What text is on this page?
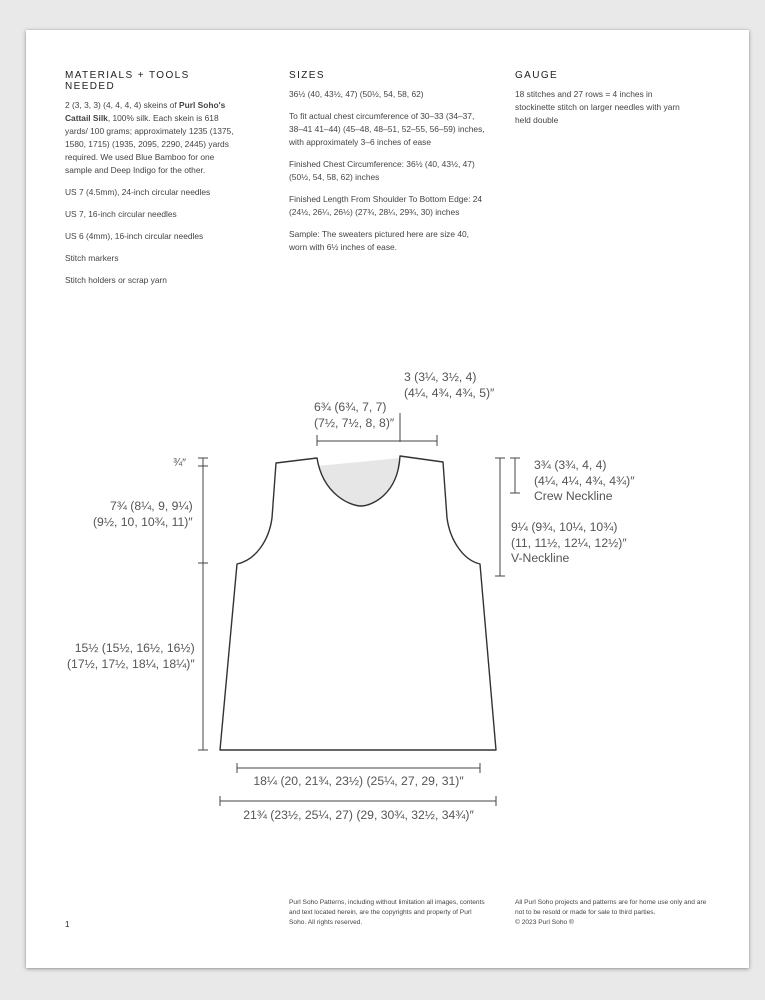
MATERIALS + TOOLS NEEDED

2 (3, 3, 3) (4, 4, 4, 4) skeins of Purl Soho's Cattail Silk, 100% silk. Each skein is 618 yards/ 100 grams; approximately 1235 (1375, 1580, 1715) (1935, 2095, 2290, 2445) yards required. We used Blue Bamboo for one sample and Deep Indigo for the other.

US 7 (4.5mm), 24-inch circular needles

US 7, 16-inch circular needles

US 6 (4mm), 16-inch circular needles

Stitch markers

Stitch holders or scrap yarn

SIZES

36½ (40, 43½, 47) (50½, 54, 58, 62)

To fit actual chest circumference of 30–33 (34–37, 38–41 41–44) (45–48, 48–51, 52–55, 56–59) inches, with approximately 3–6 inches of ease

Finished Chest Circumference: 36½ (40, 43½, 47) (50½, 54, 58, 62) inches

Finished Length From Shoulder To Bottom Edge: 24 (24½, 26¼, 26½) (27¾, 28¼, 29¾, 30) inches

Sample: The sweaters pictured here are size 40, worn with 6½ inches of ease.

GAUGE

18 stitches and 27 rows = 4 inches in stockinette stitch on larger needles with yarn held double

3 (3¼, 3½, 4)
(4¼, 4¾, 4¾, 5)″
6¾ (6¾, 7, 7)
(7½, 7½, 8, 8)″
¾″
7¾ (8¼, 9, 9¼)
(9½, 10, 10¾, 11)″
15½ (15½, 16½, 16½)
(17½, 17½, 18¼, 18¼)″
3¾ (3¾, 4, 4)
(4¼, 4¼, 4¾, 4¾)″
Crew Neckline
9¼ (9¾, 10¼, 10¾)
(11, 11½, 12¼, 12½)″
V-Neckline
18¼ (20, 21¾, 23½) (25¼, 27, 29, 31)″
21¾ (23½, 25¼, 27) (29, 30¾, 32½, 34¾)″
1
Purl Soho Patterns, including without limitation all images, contents and text located herein, are the copyrights and property of Purl Soho. All rights reserved.
All Purl Soho projects and patterns are for home use only and are not to be resold or made for sale to third parties.
© 2023 Purl Soho ®
